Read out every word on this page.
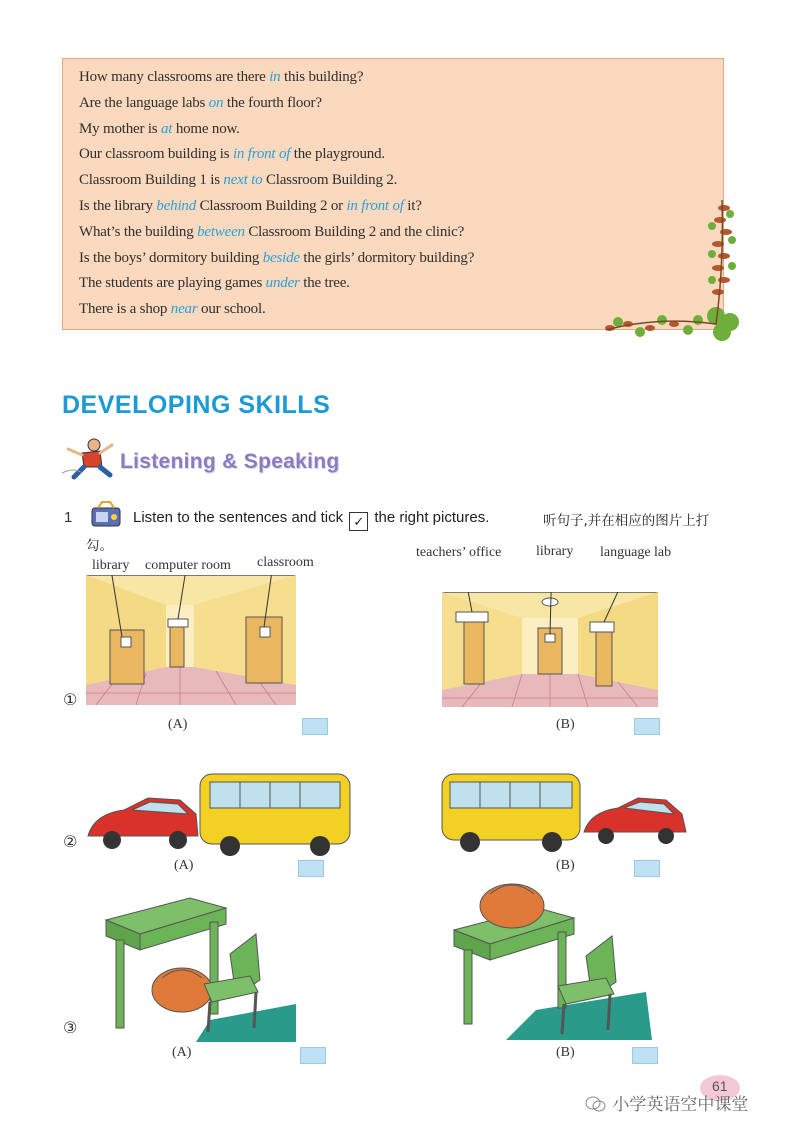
How many classrooms are there in this building?
Are the language labs on the fourth floor?
My mother is at home now.
Our classroom building is in front of the playground.
Classroom Building 1 is next to Classroom Building 2.
Is the library behind Classroom Building 2 or in front of it?
What’s the building between Classroom Building 2 and the clinic?
Is the boys’ dormitory building beside the girls’ dormitory building?
The students are playing games under the tree.
There is a shop near our school.
DEVELOPING SKILLS
Listening & Speaking
1	Listen to the sentences and tick ✓ the right pictures.	听句子,并在相应的图片上打
勾。
library computer room classroom
teachers’ office library language lab
①
(A)	(B)
②
(A)	(B)
③
(A)	(B)
61
小学英语空中课堂
